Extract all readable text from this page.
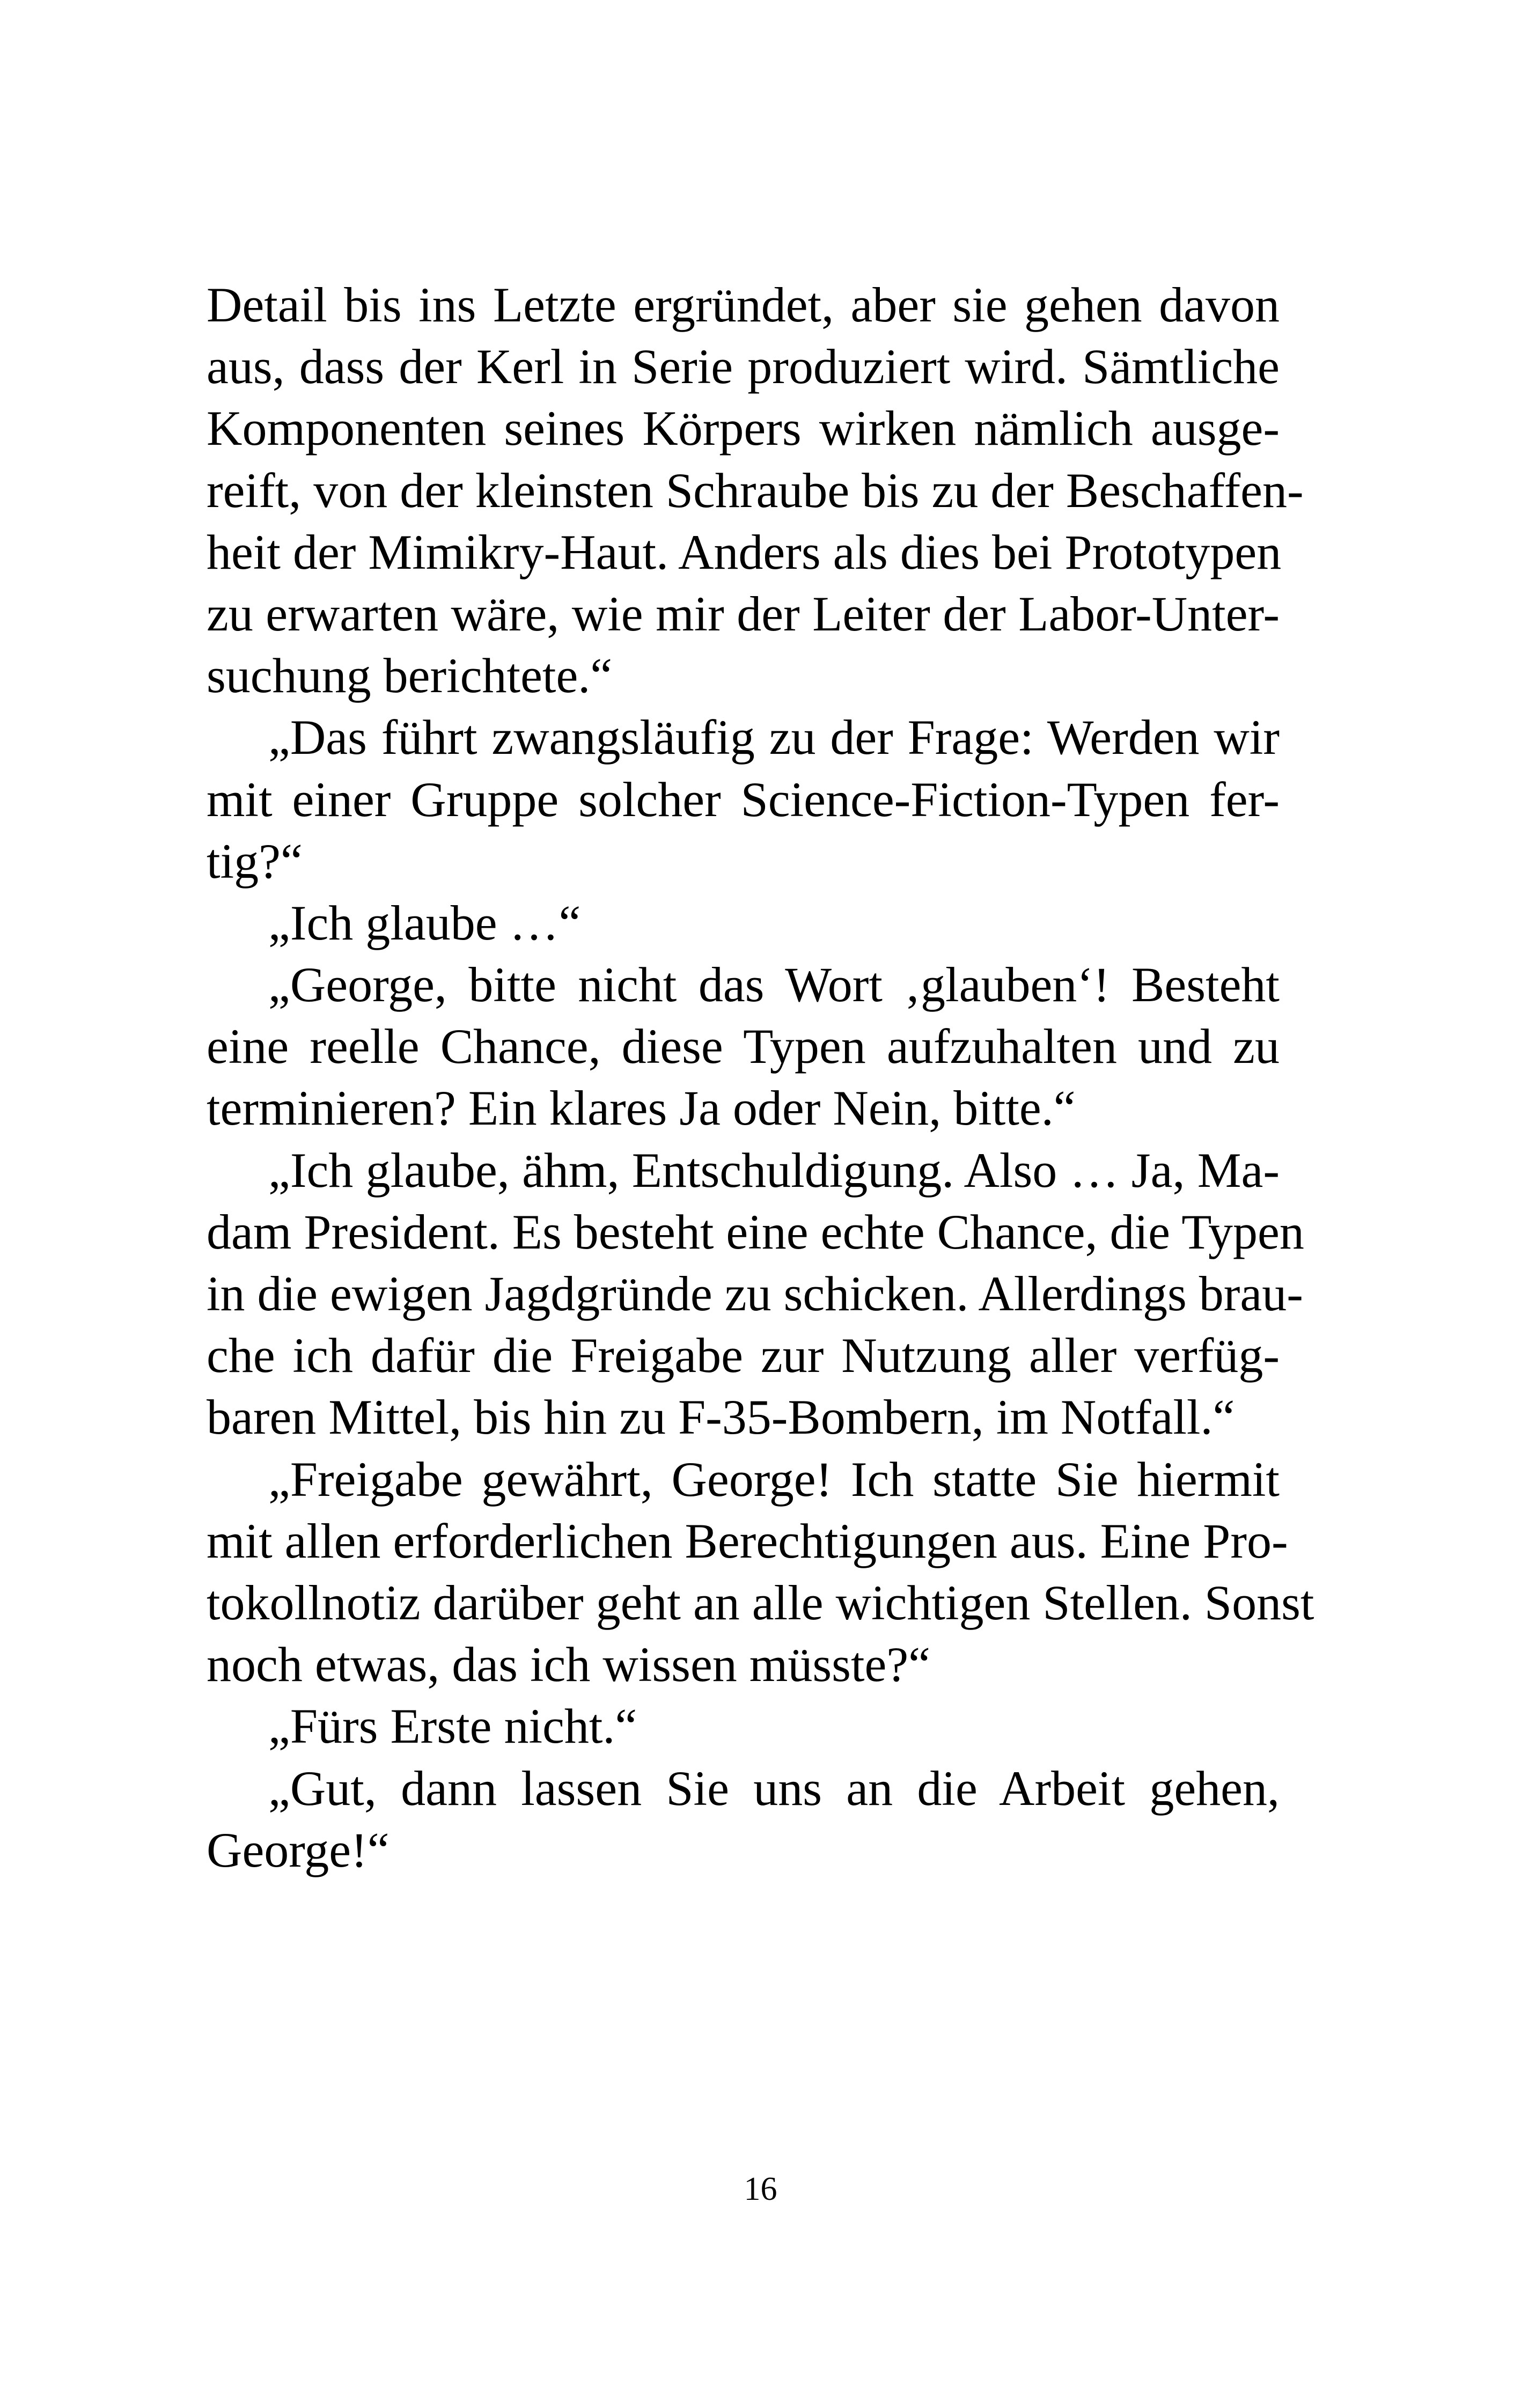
Detail bis ins Letzte ergründet, aber sie gehen davon
aus, dass der Kerl in Serie produziert wird. Sämtliche
Komponenten seines Körpers wirken nämlich ausge-
reift, von der kleinsten Schraube bis zu der Beschaffen-
heit der Mimikry-Haut. Anders als dies bei Prototypen
zu erwarten wäre, wie mir der Leiter der Labor-Unter-
suchung berichtete.“
„Das führt zwangsläufig zu der Frage: Werden wir
mit einer Gruppe solcher Science-Fiction-Typen fer-
tig?“
„Ich glaube …“
„George, bitte nicht das Wort ‚glauben‘! Besteht
eine reelle Chance, diese Typen aufzuhalten und zu
terminieren? Ein klares Ja oder Nein, bitte.“
„Ich glaube, ähm, Entschuldigung. Also … Ja, Ma-
dam President. Es besteht eine echte Chance, die Typen
in die ewigen Jagdgründe zu schicken. Allerdings brau-
che ich dafür die Freigabe zur Nutzung aller verfüg-
baren Mittel, bis hin zu F-35-Bombern, im Notfall.“
„Freigabe gewährt, George! Ich statte Sie hiermit
mit allen erforderlichen Berechtigungen aus. Eine Pro-
tokollnotiz darüber geht an alle wichtigen Stellen. Sonst
noch etwas, das ich wissen müsste?“
„Fürs Erste nicht.“
„Gut, dann lassen Sie uns an die Arbeit gehen,
George!“
16
